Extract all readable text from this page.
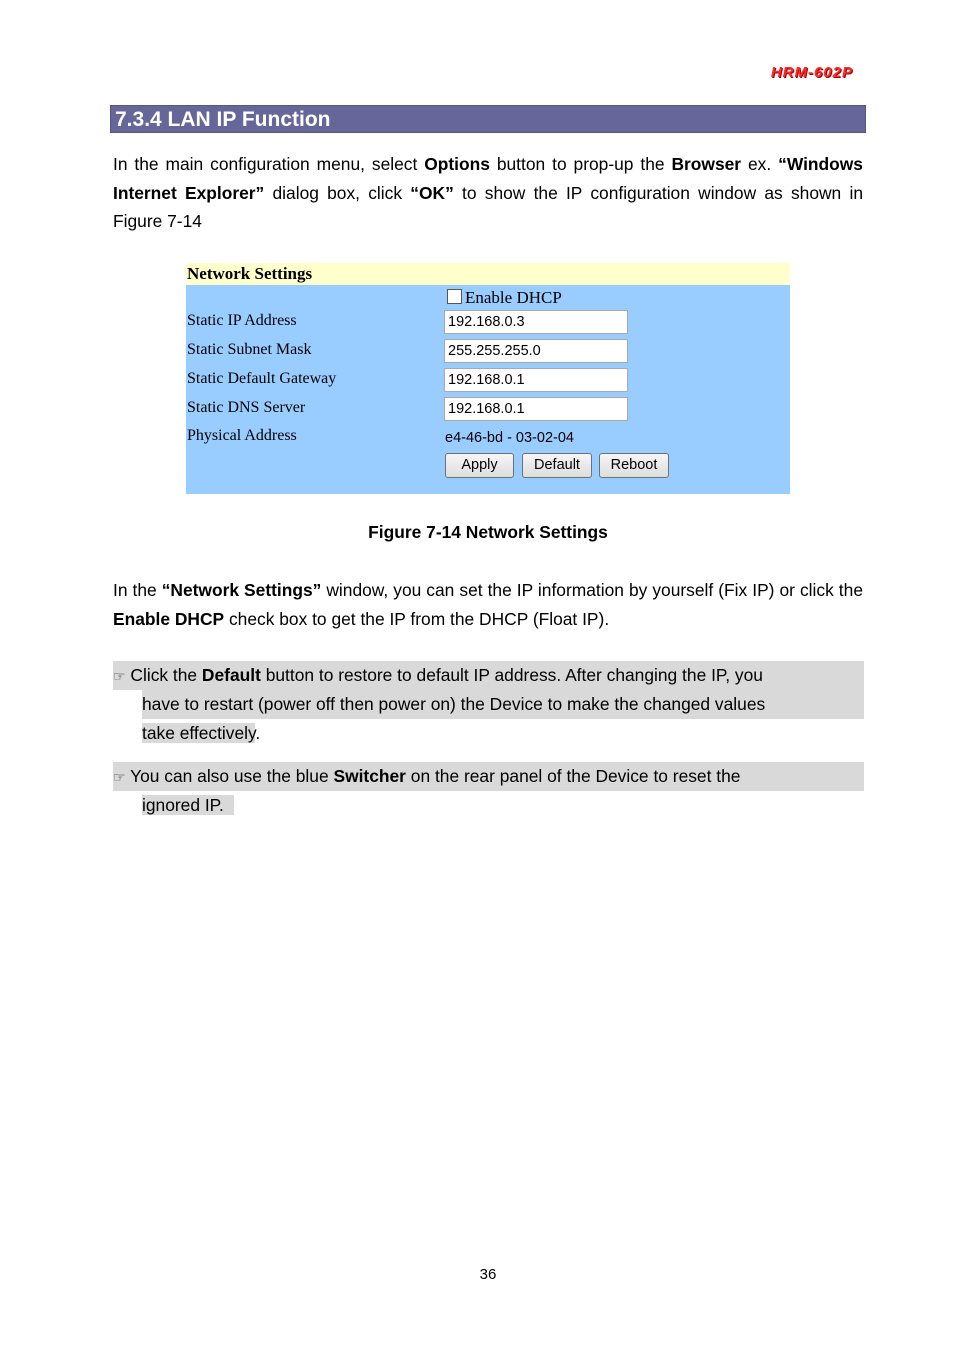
HRM-602P
7.3.4 LAN IP Function
In the main configuration menu, select Options button to prop-up the Browser ex. “Windows Internet Explorer” dialog box, click “OK” to show the IP configuration window as shown in Figure 7-14
Network Settings
Enable DHCP
Static IP Address	192.168.0.3
Static Subnet Mask	255.255.255.0
Static Default Gateway	192.168.0.1
Static DNS Server	192.168.0.1
Physical Address	e4-46-bd - 03-02-04
Apply	Default	Reboot
Figure 7-14 Network Settings
In the “Network Settings” window, you can set the IP information by yourself (Fix IP) or click the Enable DHCP check box to get the IP from the DHCP (Float IP).
☞ Click the Default button to restore to default IP address. After changing the IP, you
have to restart (power off then power on) the Device to make the changed values
take effectively.
☞ You can also use the blue Switcher on the rear panel of the Device to reset the
ignored IP.
36
